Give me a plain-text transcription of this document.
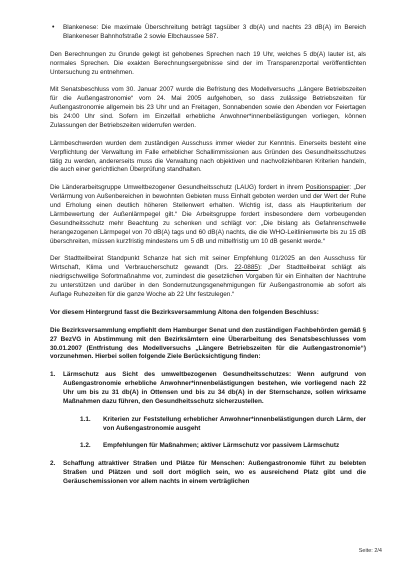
• Blankenese: Die maximale Überschreitung beträgt tagsüber 3 db(A) und nachts 23 dB(A) im Bereich Blankeneser Bahnhofstraße 2 sowie Elbchaussee 587.

Den Berechnungen zu Grunde gelegt ist gehobenes Sprechen nach 19 Uhr, welches 5 db(A) lauter ist, als normales Sprechen. Die exakten Berechnungsergebnisse sind der im Transparenzportal veröffentlichten Untersuchung zu entnehmen.

Mit Senatsbeschluss vom 30. Januar 2007 wurde die Befristung des Modellversuchs „Längere Betriebszeiten für die Außengastronomie“ vom 24. Mai 2005 aufgehoben, so dass zulässige Betriebszeiten für Außengastronomie allgemein bis 23 Uhr und an Freitagen, Sonnabenden sowie den Abenden vor Feiertagen bis 24:00 Uhr sind. Sofern im Einzelfall erhebliche Anwohner*innenbelästigungen vorliegen, können Zulassungen der Betriebszeiten widerrufen werden.

Lärmbeschwerden wurden dem zuständigen Ausschuss immer wieder zur Kenntnis. Einerseits besteht eine Verpflichtung der Verwaltung im Falle erheblicher Schallimmissionen aus Gründen des Gesundheitsschutzes tätig zu werden, andererseits muss die Verwaltung nach objektiven und nachvollziehbaren Kriterien handeln, die auch einer gerichtlichen Überprüfung standhalten.

Die Länderarbeitsgruppe Umweltbezogener Gesundheitsschutz (LAUG) fordert in ihrem Positionspapier: „Der Verlärmung von Außenbereichen in bewohnten Gebieten muss Einhalt geboten werden und der Wert der Ruhe und Erholung einen deutlich höheren Stellenwert erhalten. Wichtig ist, dass als Hauptkriterium der Lärmbewertung der Außenlärmpegel gilt.“ Die Arbeitsgruppe fordert insbesondere dem vorbeugenden Gesundheitsschutz mehr Beachtung zu schenken und schlägt vor: „Die bislang als Gefahrenschwelle herangezogenen Lärmpegel von 70 dB(A) tags und 60 dB(A) nachts, die die WHO-Leitlinienwerte bis zu 15 dB überschreiten, müssen kurzfristig mindestens um 5 dB und mittelfristig um 10 dB gesenkt werde.“

Der Stadtteilbeirat Standpunkt Schanze hat sich mit seiner Empfehlung 01/2025 an den Ausschuss für Wirtschaft, Klima und Verbraucherschutz gewandt (Drs. 22-0885): „Der Stadtteilbeirat schlägt als niedrigschwellige Sofortmaßnahme vor, zumindest die gesetzlichen Vorgaben für ein Einhalten der Nachtruhe zu unterstützen und darüber in den Sondernutzungsgenehmigungen für Außengastronomie ab sofort als Auflage Ruhezeiten für die ganze Woche ab 22 Uhr festzulegen.“

Vor diesem Hintergrund fasst die Bezirksversammlung Altona den folgenden Beschluss:

Die Bezirksversammlung empfiehlt dem Hamburger Senat und den zuständigen Fachbehörden gemäß § 27 BezVG in Abstimmung mit den Bezirksämtern eine Überarbeitung des Senatsbeschlusses vom 30.01.2007 (Entfristung des Modellversuchs „Längere Betriebszeiten für die Außengastronomie“) vorzunehmen. Hierbei sollen folgende Ziele Berücksichtigung finden:

1.	Lärmschutz aus Sicht des umweltbezogenen Gesundheitsschutzes: Wenn aufgrund von Außengastronomie erhebliche Anwohner*innenbelästigungen bestehen, wie vorliegend nach 22 Uhr um bis zu 31 db(A) in Ottensen und bis zu 34 db(A) in der Sternschanze, sollen wirksame Maßnahmen dazu führen, den Gesundheitsschutz sicherzustellen.
1.1.	Kriterien zur Feststellung erheblicher Anwohner*innenbelästigungen durch Lärm, der von Außengastronomie ausgeht
1.2.	Empfehlungen für Maßnahmen; aktiver Lärmschutz vor passivem Lärmschutz
2.	Schaffung attraktiver Straßen und Plätze für Menschen: Außengastronomie führt zu belebten Straßen und Plätzen und soll dort möglich sein, wo es ausreichend Platz gibt und die Geräuschemissionen vor allem nachts in einem verträglichen
Seite: 2/4
